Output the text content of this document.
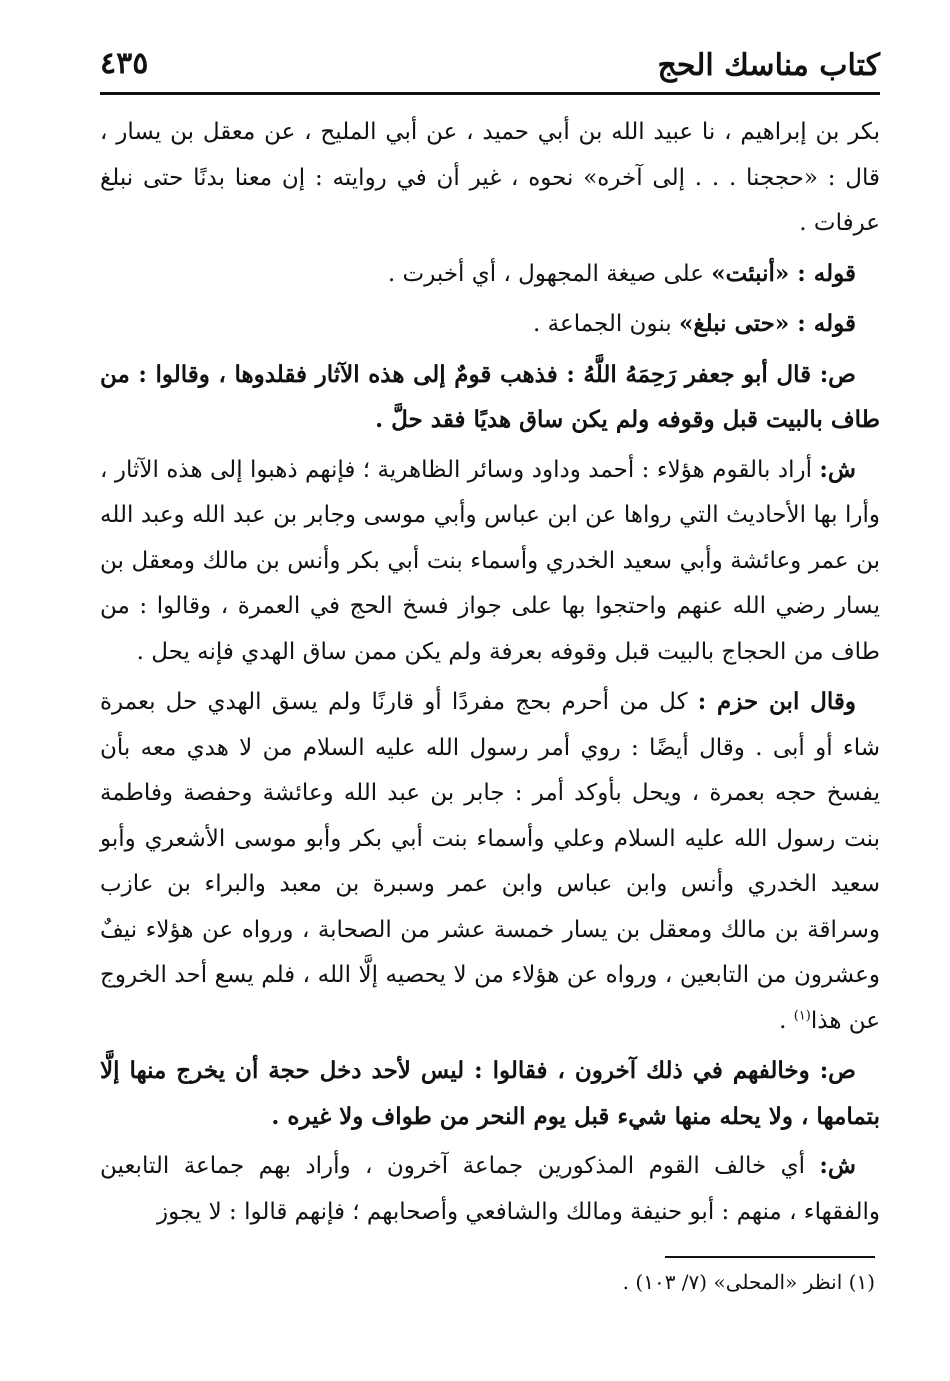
كتاب مناسك الحج
٤٣٥

بكر بن إبراهيم ، نا عبيد الله بن أبي حميد ، عن أبي المليح ، عن معقل بن يسار ، قال : «حججنا . . . إلى آخره» نحوه ، غير أن في روايته : إن معنا بدنًا حتى نبلغ عرفات .

قوله : «أنبئت» على صيغة المجهول ، أي أخبرت .

قوله : «حتى نبلغ» بنون الجماعة .

ص: قال أبو جعفر رَحِمَهُ اللَّهُ : فذهب قومٌ إلى هذه الآثار فقلدوها ، وقالوا : من طاف بالبيت قبل وقوفه ولم يكن ساق هديًا فقد حلَّ .

ش: أراد بالقوم هؤلاء : أحمد وداود وسائر الظاهرية ؛ فإنهم ذهبوا إلى هذه الآثار ، وأرا بها الأحاديث التي رواها عن ابن عباس وأبي موسى وجابر بن عبد الله وعبد الله بن عمر وعائشة وأبي سعيد الخدري وأسماء بنت أبي بكر وأنس بن مالك ومعقل بن يسار رضي الله عنهم واحتجوا بها على جواز فسخ الحج في العمرة ، وقالوا : من طاف من الحجاج بالبيت قبل وقوفه بعرفة ولم يكن ممن ساق الهدي فإنه يحل .

وقال ابن حزم : كل من أحرم بحج مفردًا أو قارنًا ولم يسق الهدي حل بعمرة شاء أو أبى . وقال أيضًا : روي أمر رسول الله عليه السلام من لا هدي معه بأن يفسخ حجه بعمرة ، ويحل بأوكد أمر : جابر بن عبد الله وعائشة وحفصة وفاطمة بنت رسول الله عليه السلام وعلي وأسماء بنت أبي بكر وأبو موسى الأشعري وأبو سعيد الخدري وأنس وابن عباس وابن عمر وسبرة بن معبد والبراء بن عازب وسراقة بن مالك ومعقل بن يسار خمسة عشر من الصحابة ، ورواه عن هؤلاء نيفٌ وعشرون من التابعين ، ورواه عن هؤلاء من لا يحصيه إلَّا الله ، فلم يسع أحد الخروج عن هذا$^{(١)}$ .

ص: وخالفهم في ذلك آخرون ، فقالوا : ليس لأحد دخل حجة أن يخرج منها إلَّا بتمامها ، ولا يحله منها شيء قبل يوم النحر من طواف ولا غيره .

ش: أي خالف القوم المذكورين جماعة آخرون ، وأراد بهم جماعة التابعين والفقهاء ، منهم : أبو حنيفة ومالك والشافعي وأصحابهم ؛ فإنهم قالوا : لا يجوز

(١) انظر «المحلى» (٧/ ١٠٣) .
